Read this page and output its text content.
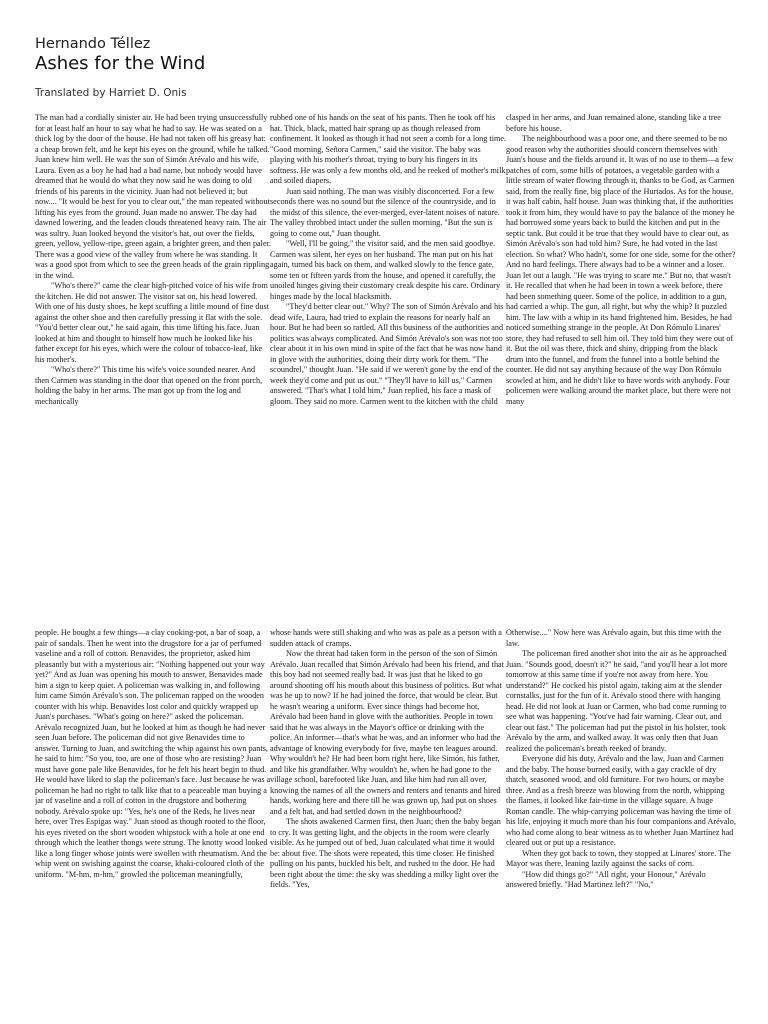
Hernando Téllez
Ashes for the Wind
Translated by Harriet D. Onis

The man had a cordially sinister air. He had been trying unsuccessfully for at least half an hour to say what he had to say. He was seated on a thick log by the door of the house. He had not taken off his greasy hat: a cheap brown felt, and he kept his eyes on the ground, while he talked. Juan knew him well. He was the son of Simón Arévalo and his wife, Laura. Even as a boy he had had a bad name, but nobody would have dreamed that he would do what they now said he was doing to old friends of his parents in the vicinity. Juan had not believed it; but now.... "It would be best for you to clear out," the man repeated without lifting his eyes from the ground. Juan made no answer. The day had dawned lowering, and the leaden clouds threatened heavy rain. The air was sultry. Juan looked beyond the visitor's hat, out over the fields, green, yellow, yellow-ripe, green again, a brighter green, and then paler. There was a good view of the valley from where he was standing. It was a good spot from which to see the green heads of the grain rippling in the wind.

"Who's there?" came the clear high-pitched voice of his wife from the kitchen. He did not answer. The visitor sat on, his head lowered. With one of his dusty shoes, he kept scuffing a little mound of fine dust against the other shoe and then carefully pressing it flat with the sole. "You'd better clear out," he said again, this time lifting his face. Juan looked at him and thought to himself how much he looked like his father except for his eyes, which were the colour of tobacco-leaf, like his mother's.

"Who's there?" This time his wife's voice sounded nearer. And then Carmen was standing in the door that opened on the front porch, holding the baby in her arms. The man got up from the log and mechanically

rubbed one of his hands on the seat of his pants. Then he took off his hat. Thick, black, matted hair sprang up as though released from confinement. It looked as though it had not seen a comb for a long time. "Good morning, Señora Carmen," said the visitor. The baby was playing with his mother's throat, trying to bury his fingers in its softness. He was only a few months old, and he reeked of mother's milk and soiled diapers.

Juan said nothing. The man was visibly disconcerted. For a few seconds there was no sound but the silence of the countryside, and in the midst of this silence, the ever-merged, ever-latent noises of nature. The valley throbbed intact under the sullen morning. "But the sun is going to come out," Juan thought.

"Well, I'll be going," the visitor said, and the men said goodbye. Carmen was silent, her eyes on her husband. The man put on his hat again, turned his back on them, and walked slowly to the fence gate, some ten or fifteen yards from the house, and opened it carefully, the unoiled hinges giving their customary creak despite his care. Ordinary hinges made by the local blacksmith.

"They'd better clear out." Why? The son of Simón Arévalo and his dead wife, Laura, had tried to explain the reasons for nearly half an hour. But he had been so rattled. All this business of the authorities and politics was always complicated. And Simón Arévalo's son was not too clear about it in his own mind in spite of the fact that he was now hand in glove with the authorities, doing their dirty work for them. "The scoundrel," thought Juan. "He said if we weren't gone by the end of the week they'd come and put us out." "They'll have to kill us," Carmen answered. "That's what I told him," Juan replied, his face a mask of gloom. They said no more. Carmen went to the kitchen with the child

clasped in her arms, and Juan remained alone, standing like a tree before his house.

The neighbourhood was a poor one, and there seemed to be no good reason why the authorities should concern themselves with Juan's house and the fields around it. It was of no use to them—a few patches of corn, some hills of potatoes, a vegetable garden with a little stream of water flowing through it, thanks to be God, as Carmen said, from the really fine, big place of the Hurtados. As for the house, it was half cabin, half house. Juan was thinking that, if the authorities took it from him, they would have to pay the balance of the money he had borrowed some years back to build the kitchen and put in the septic tank. But could it be true that they would have to clear out, as Simón Arévalo's son had told him? Sure, he had voted in the last election. So what? Who hadn't, some for one side, some for the other? And no hard feelings. There always had to be a winner and a loser. Juan let out a laugh. "He was trying to scare me." But no, that wasn't it. He recalled that when he had been in town a week before, there had been something queer. Some of the police, in addition to a gun, had carried a whip. The gun, all right, but why the whip? It puzzled him. The law with a whip in its hand frightened him. Besides, he had noticed something strange in the people. At Don Rómulo Linares' store, they had refused to sell him oil. They told him they were out of it. But the oil was there, thick and shiny, dripping from the black drum into the funnel, and from the funnel into a bottle behind the counter. He did not say anything because of the way Don Rómulo scowled at him, and he didn't like to have words with anybody. Four policemen were walking around the market place, but there were not many

people. He bought a few things—a clay cooking-pot, a bar of soap, a pair of sandals. Then he went into the drugstore for a jar of perfumed vaseline and a roll of cotton. Benavides, the proprietor, asked him pleasantly but with a mysterious air: "Nothing happened out your way yet?" And as Juan was opening his mouth to answer, Benavides made him a sign to keep quiet. A policeman was walking in, and following him came Simón Arévalo's son. The policeman rapped on the wooden counter with his whip. Benavides lost color and quickly wrapped up Juan's purchases. "What's going on here?" asked the policeman. Arévalo recognized Juan, but he looked at him as though he had never seen Juan before. The policeman did not give Benavides time to answer. Turning to Juan, and switching the whip against his own pants, he said to him: "So you, too, are one of those who are resisting? Juan must have gone pale like Benavides, for he felt his heart begin to thud. He would have liked to slap the policeman's face. Just because he was a policeman he had no right to talk like that to a peaceable man buying a jar of vaseline and a roll of cotton in the drugstore and bothering nobody. Arévalo spoke up: "Yes, he's one of the Reds, he lives near here, over Tres Espigas way." Juan stood as though rooted to the floor, his eyes riveted on the short wooden whipstock with a hole at one end through which the leather thongs were strung. The knotty wood looked like a long finger whose joints were swollen with rheumatism. And the whip went on swishing against the coarse, khaki-coloured cloth of the uniform. "M-hm, m-hm," growled the policeman meaningfully,

whose hands were still shaking and who was as pale as a person with a sudden attack of cramps.

Now the threat had taken form in the person of the son of Simón Arévalo. Juan recalled that Simón Arévalo had been his friend, and that this boy had not seemed really bad. It was just that he liked to go around shooting off his mouth about this business of politics. But what was he up to now? If he had joined the force, that would be clear. But he wasn't wearing a uniform. Ever since things had become hot, Arévalo had been hand in glove with the authorities. People in town said that he was always in the Mayor's office or drinking with the police. An informer—that's what he was, and an informer who had the advantage of knowing everybody for five, maybe ten leagues around. Why wouldn't he? He had been born right here, like Simón, his father, and like his grandfather. Why wouldn't he, when he had gone to the village school, barefooted like Juan, and like him had run all over, knowing the names of all the owners and renters and tenants and hired hands, working here and there till he was grown up, had put on shoes and a felt hat, and had settled down in the neighbourhood?

The shots awakened Carmen first, then Juan; then the baby began to cry. It was getting light, and the objects in the room were clearly visible. As he jumped out of bed, Juan calculated what time it would be: about five. The shots were repeated, this time closer. He finished pulling on his pants, buckled his belt, and rushed to the door. He had been right about the time: the sky was shedding a milky light over the fields. "Yes,

Otherwise...." Now here was Arévalo again, but this time with the law.

The policeman fired another shot into the air as he approached Juan. "Sounds good, doesn't it?" he said, "and you'll hear a lot more tomorrow at this same time if you're not away from here. You understand?" He cocked his pistol again, taking aim at the slender cornstalks, just for the fun of it. Arévalo stood there with hanging head. He did not look at Juan or Carmen, who had come running to see what was happening. "You've had fair warning. Clear out, and clear out fast." The policeman had put the pistol in his holster, took Arévalo by the arm, and walked away. It was only then that Juan realized the policeman's breath reeked of brandy.

Everyone did his duty, Arévalo and the law, Juan and Carmen and the baby. The house burned easily, with a gay crackle of dry thatch, seasoned wood, and old furniture. For two hours, or maybe three. And as a fresh breeze was blowing from the north, whipping the flames, it looked like fair-time in the village square. A huge Roman candle. The whip-carrying policeman was having the time of his life, enjoying it much more than his four companions and Arévalo, who had come along to bear witness as to whether Juan Martínez had cleared out or put up a resistance.

When they got back to town, they stopped at Linares' store. The Mayor was there, leaning lazily against the sacks of corn.

"How did things go?" "All right, your Honour," Arévalo answered briefly. "Had Martinez left?" "No,"
